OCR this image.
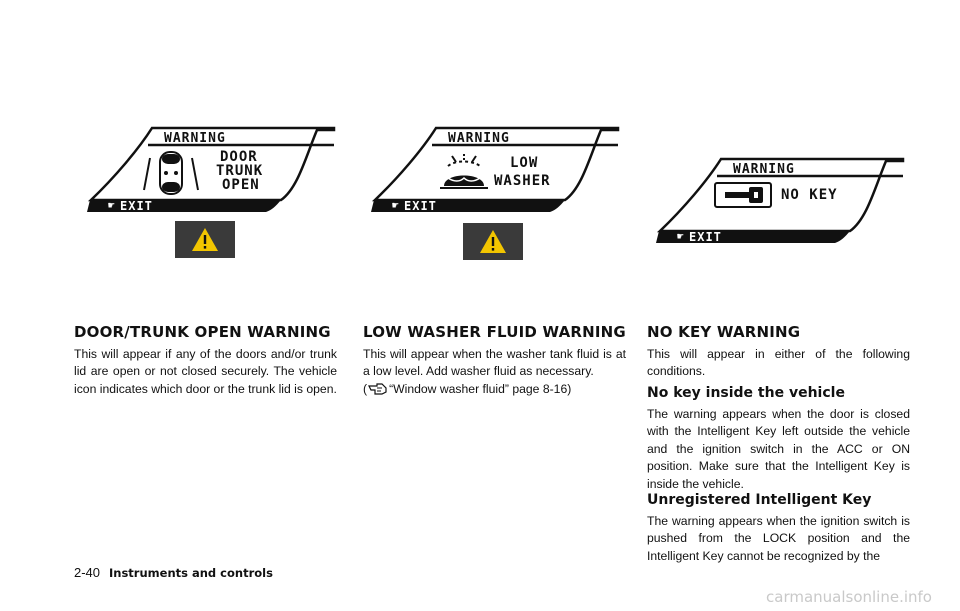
WARNING
DOOR
TRUNK
OPEN
☛ EXIT
WARNING
LOW
WASHER
☛ EXIT
WARNING
NO KEY
☛ EXIT
DOOR/TRUNK OPEN WARNING

This will appear if any of the doors and/or trunk lid are open or not closed securely. The vehicle icon indicates which door or the trunk lid is open.

LOW WASHER FLUID WARNING

This will appear when the washer tank fluid is at a low level. Add washer fluid as necessary.
( “Window washer fluid” page 8-16)

NO KEY WARNING

This will appear in either of the following conditions.

No key inside the vehicle

The warning appears when the door is closed with the Intelligent Key left outside the vehicle and the ignition switch in the ACC or ON position. Make sure that the Intelligent Key is inside the vehicle.

Unregistered Intelligent Key

The warning appears when the ignition switch is pushed from the LOCK position and the Intelligent Key cannot be recognized by the

2-40 Instruments and controls
carmanualsonline.info
